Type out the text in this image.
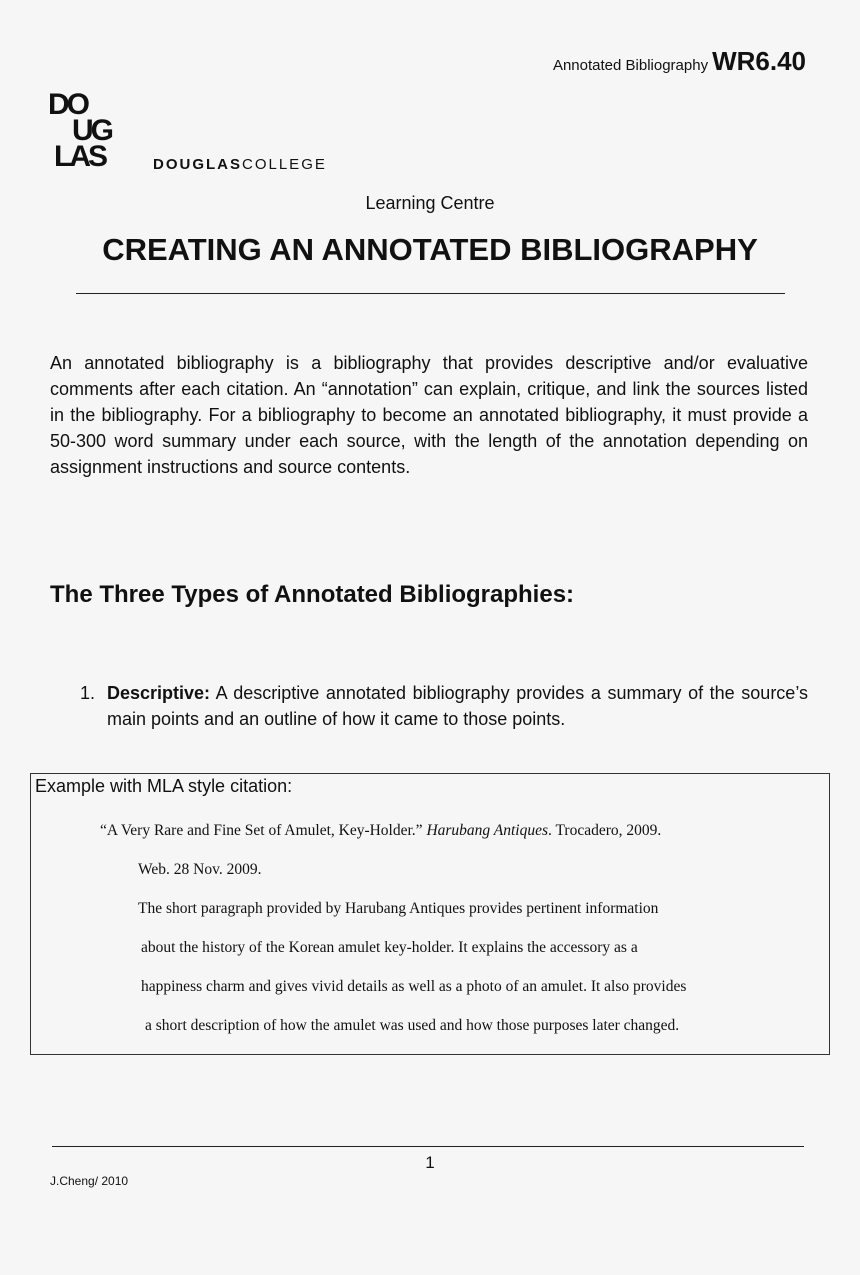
Annotated Bibliography WR6.40
DO
UG
LAS	DOUGLASCOLLEGE
Learning Centre
CREATING AN ANNOTATED BIBLIOGRAPHY
An annotated bibliography is a bibliography that provides descriptive and/or evaluative comments after each citation. An “annotation” can explain, critique, and link the sources listed in the bibliography. For a bibliography to become an annotated bibliography, it must provide a 50-300 word summary under each source, with the length of the annotation depending on assignment instructions and source contents.
The Three Types of Annotated Bibliographies:
1. Descriptive: A descriptive annotated bibliography provides a summary of the source’s main points and an outline of how it came to those points.
Example with MLA style citation:
“A Very Rare and Fine Set of Amulet, Key-Holder.” Harubang Antiques. Trocadero, 2009.
Web. 28 Nov. 2009.
The short paragraph provided by Harubang Antiques provides pertinent information
about the history of the Korean amulet key-holder. It explains the accessory as a
happiness charm and gives vivid details as well as a photo of an amulet. It also provides
a short description of how the amulet was used and how those purposes later changed.
1
J.Cheng/ 2010
